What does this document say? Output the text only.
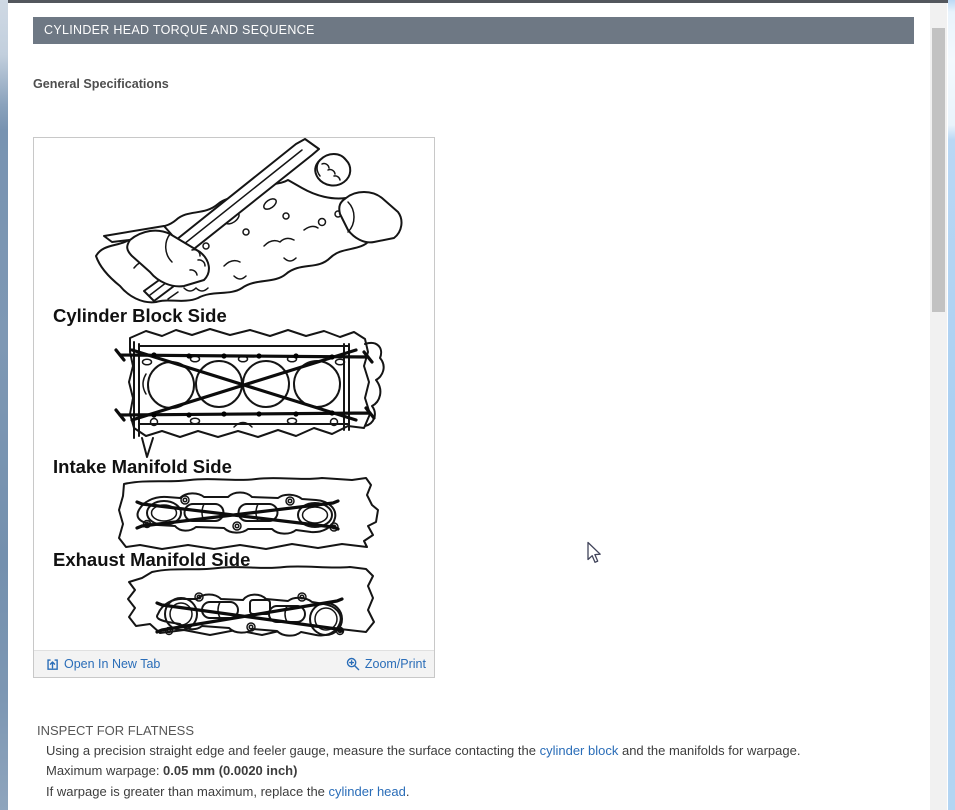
CYLINDER HEAD TORQUE AND SEQUENCE
General Specifications
Cylinder Block Side
Intake Manifold Side
Exhaust Manifold Side
Open In New Tab	Zoom/Print
INSPECT FOR FLATNESS

Using a precision straight edge and feeler gauge, measure the surface contacting the cylinder block and the manifolds for warpage.

Maximum warpage: 0.05 mm (0.0020 inch)

If warpage is greater than maximum, replace the cylinder head.
